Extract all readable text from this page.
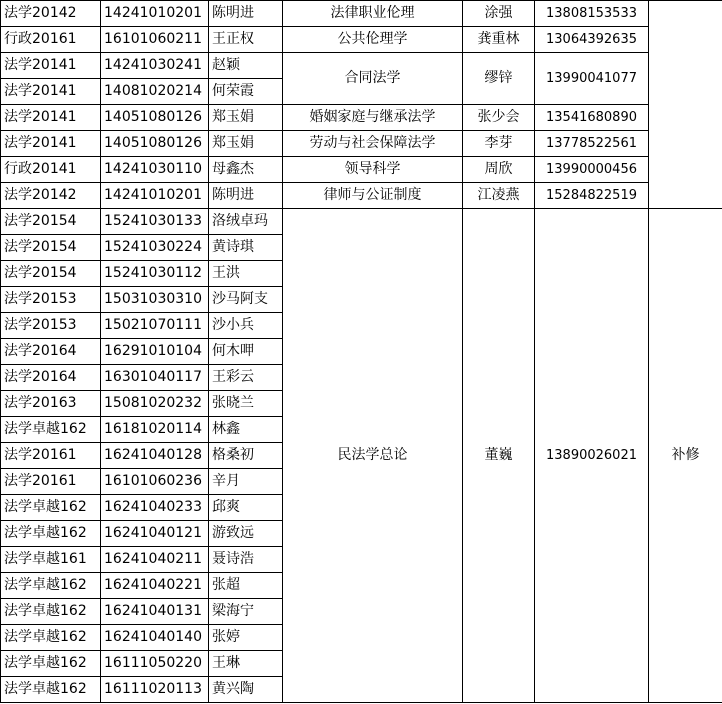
法学20142	14241010201	陈明进	法律职业伦理	涂强	13808153533	
行政20161	16101060211	王正权	公共伦理学	龚重林	13064392635	
法学20141	14241030241	赵颖	合同法学	缪锌	13990041077	
法学20141	14081020214	何荣霞				
法学20141	14051080126	郑玉娟	婚姻家庭与继承法学	张少会	13541680890	
法学20141	14051080126	郑玉娟	劳动与社会保障法学	李芽	13778522561	
行政20141	14241030110	母鑫杰	领导科学	周欣	13990000456	
法学20142	14241010201	陈明进	律师与公证制度	江凌燕	15284822519	
法学20154	15241030133	洛绒卓玛	民法学总论	董巍	13890026021	补修
法学20154	15241030224	黄诗琪				
法学20154	15241030112	王洪				
法学20153	15031030310	沙马阿支				
法学20153	15021070111	沙小兵				
法学20164	16291010104	何木呷				
法学20164	16301040117	王彩云				
法学20163	15081020232	张晓兰				
法学卓越162	16181020114	林鑫				
法学20161	16241040128	格桑初				
法学20161	16101060236	辛月				
法学卓越162	16241040233	邱爽				
法学卓越162	16241040121	游致远				
法学卓越161	16241040211	聂诗浩				
法学卓越162	16241040221	张超				
法学卓越162	16241040131	梁海宁				
法学卓越162	16241040140	张婷				
法学卓越162	16111050220	王琳				
法学卓越162	16111020113	黄兴陶				
